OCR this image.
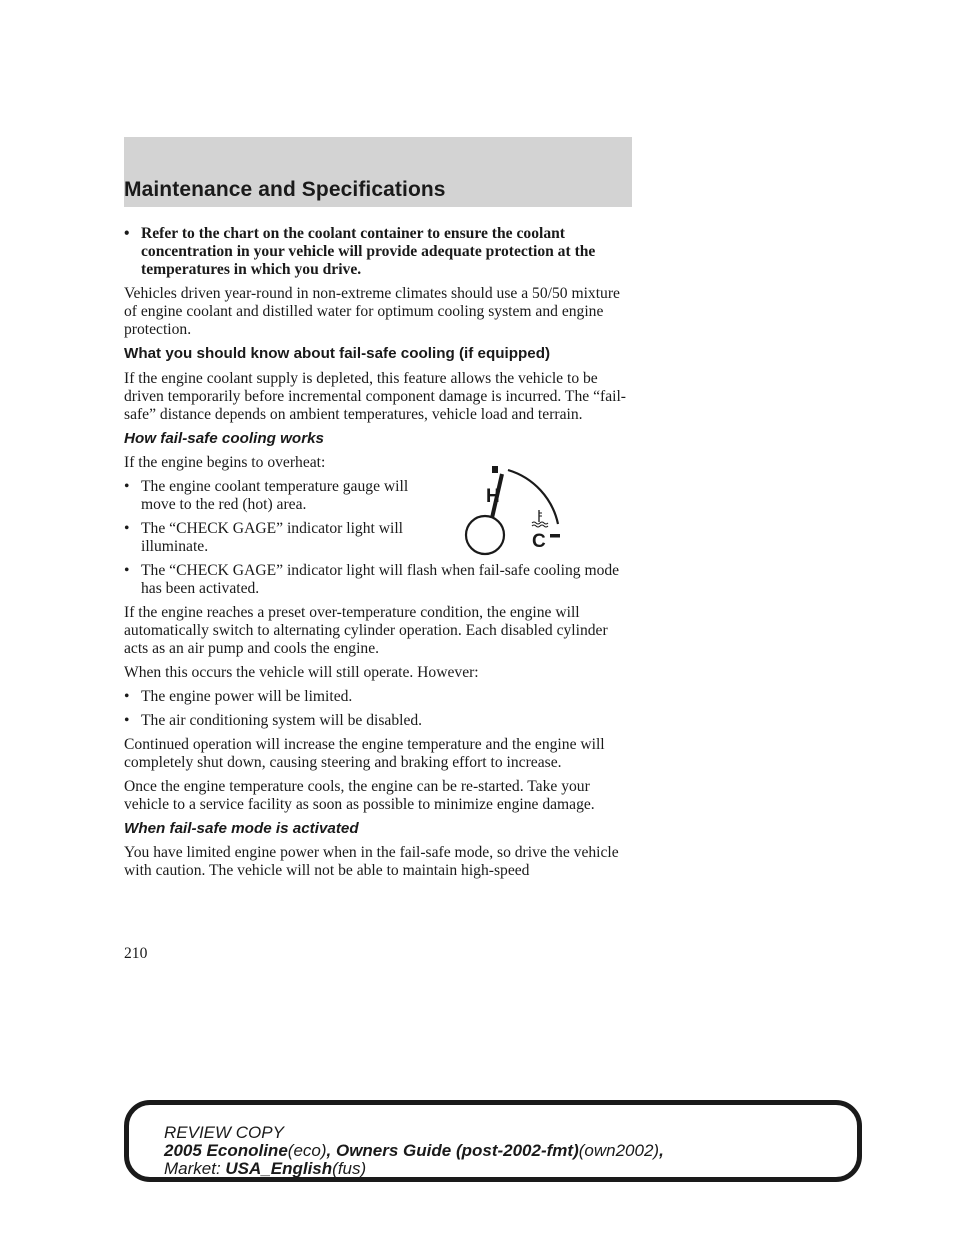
Maintenance and Specifications
• Refer to the chart on the coolant container to ensure the coolant concentration in your vehicle will provide adequate protection at the temperatures in which you drive.

Vehicles driven year-round in non-extreme climates should use a 50/50 mixture of engine coolant and distilled water for optimum cooling system and engine protection.

What you should know about fail-safe cooling (if equipped)

If the engine coolant supply is depleted, this feature allows the vehicle to be driven temporarily before incremental component damage is incurred. The “fail-safe” distance depends on ambient temperatures, vehicle load and terrain.

How fail-safe cooling works

If the engine begins to overheat:

• The engine coolant temperature gauge will move to the red (hot) area.
• The “CHECK GAGE” indicator light will illuminate.
• The “CHECK GAGE” indicator light will flash when fail-safe cooling mode has been activated.

If the engine reaches a preset over-temperature condition, the engine will automatically switch to alternating cylinder operation. Each disabled cylinder acts as an air pump and cools the engine.

When this occurs the vehicle will still operate. However:

• The engine power will be limited.
• The air conditioning system will be disabled.

Continued operation will increase the engine temperature and the engine will completely shut down, causing steering and braking effort to increase.

Once the engine temperature cools, the engine can be re-started. Take your vehicle to a service facility as soon as possible to minimize engine damage.

When fail-safe mode is activated

You have limited engine power when in the fail-safe mode, so drive the vehicle with caution. The vehicle will not be able to maintain high-speed

H
C
210
REVIEW COPY
2005 Econoline(eco), Owners Guide (post-2002-fmt)(own2002),
Market: USA_English(fus)
